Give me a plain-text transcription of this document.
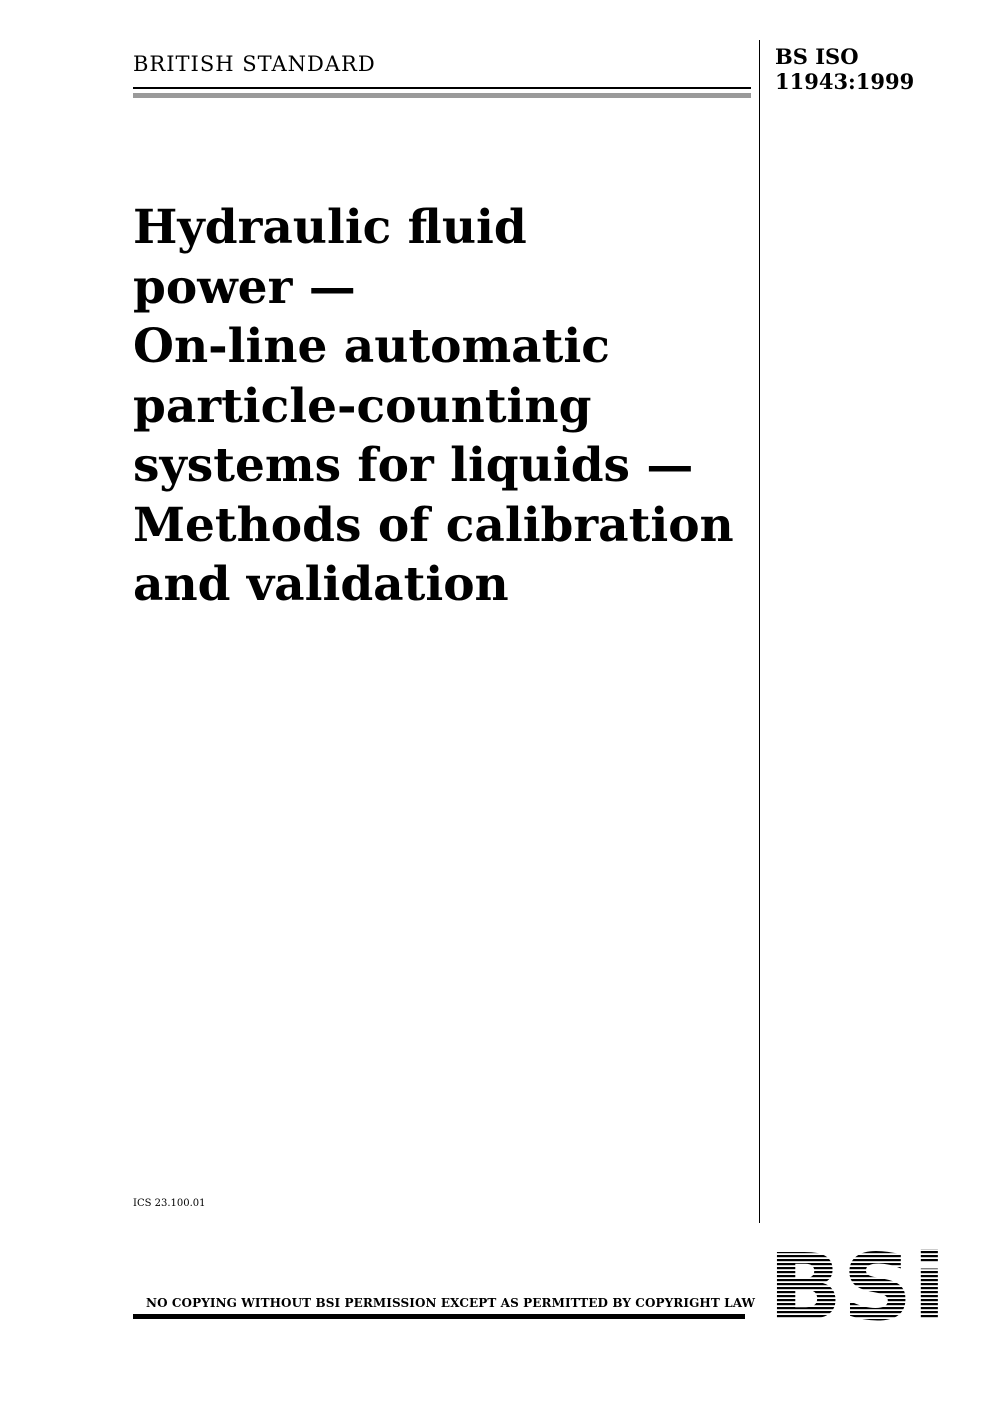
BRITISH STANDARD	BS ISO
11943:1999
Hydraulic fluid
power —
On-line automatic
particle-counting
systems for liquids —
Methods of calibration
and validation
ICS 23.100.01
NO COPYING WITHOUT BSI PERMISSION EXCEPT AS PERMITTED BY COPYRIGHT LAW
